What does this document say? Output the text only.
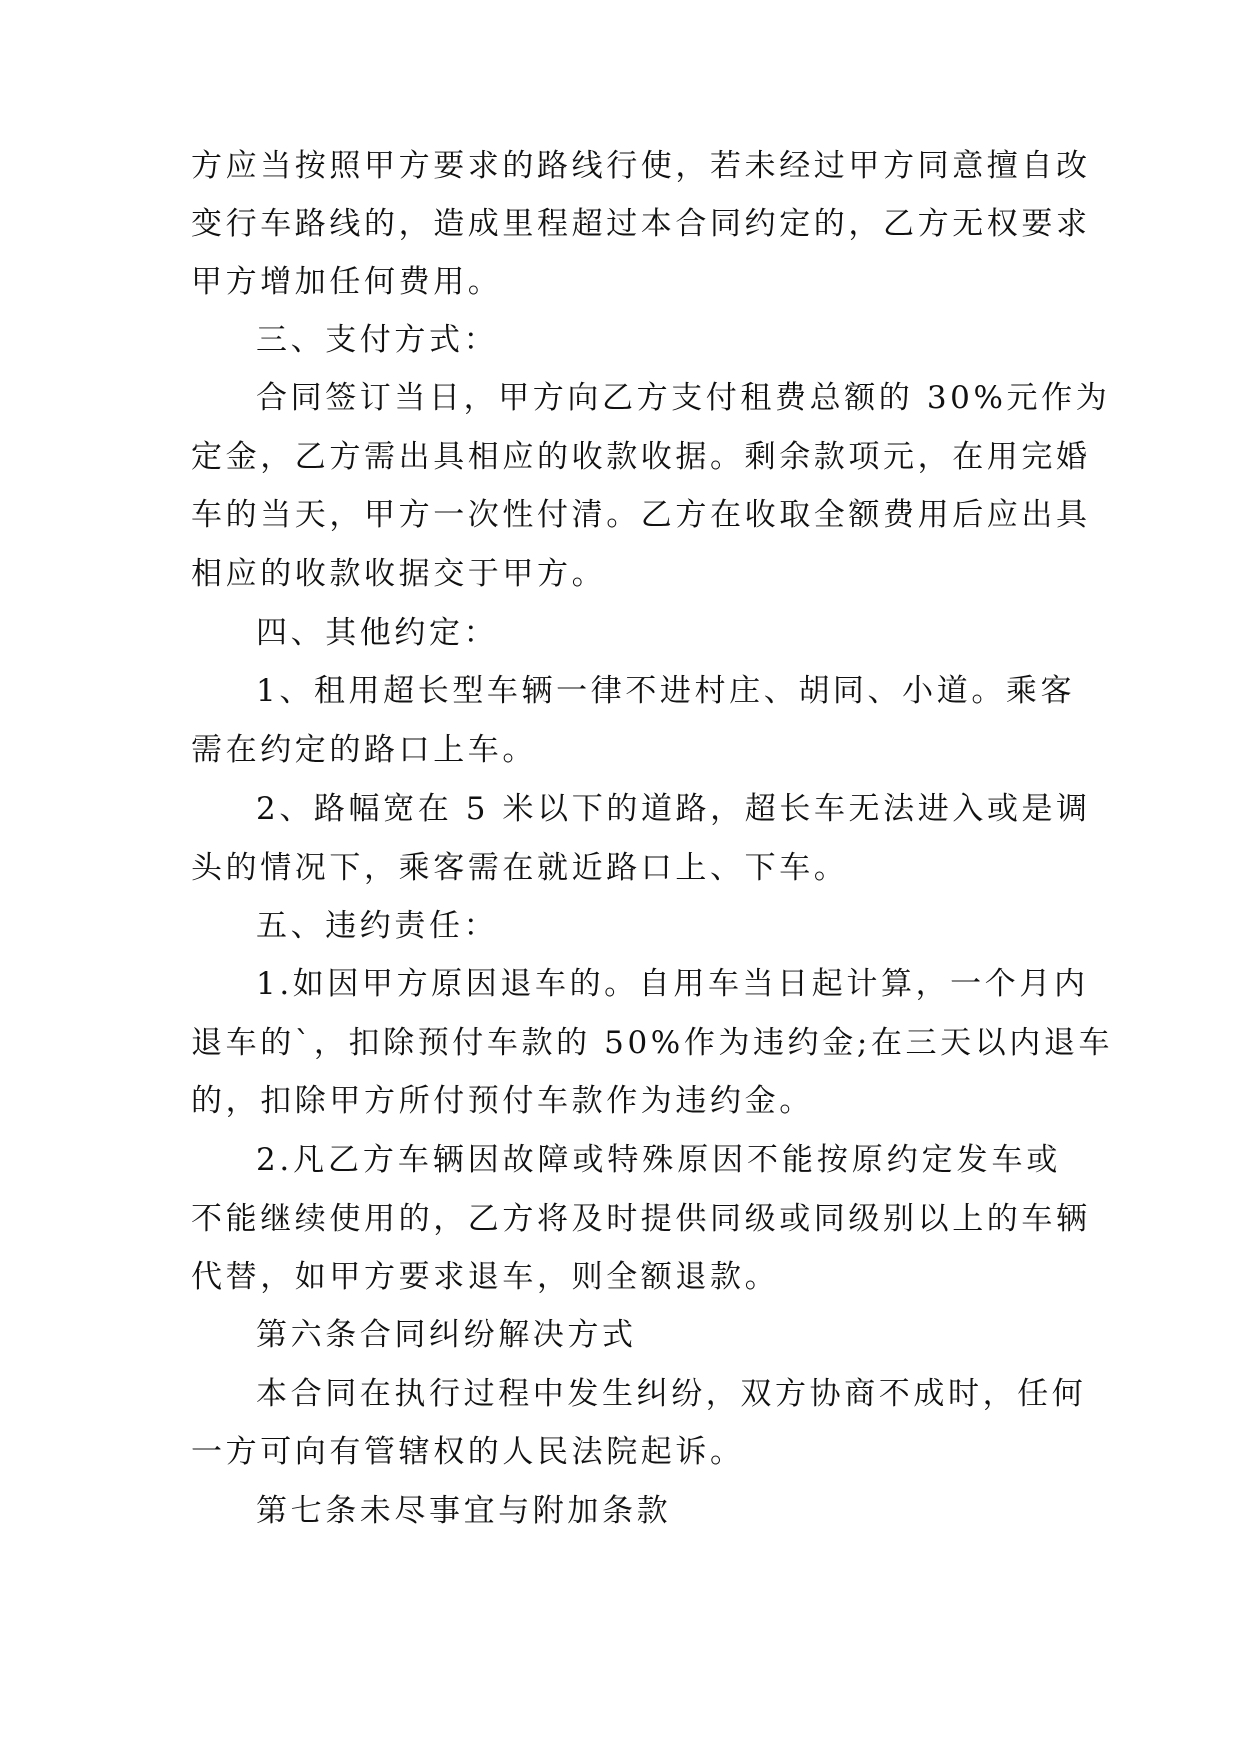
方应当按照甲方要求的路线行使，若未经过甲方同意擅自改
变行车路线的，造成里程超过本合同约定的，乙方无权要求
甲方增加任何费用。
三、支付方式：
合同签订当日，甲方向乙方支付租费总额的 30%元作为
定金，乙方需出具相应的收款收据。剩余款项元，在用完婚
车的当天，甲方一次性付清。乙方在收取全额费用后应出具
相应的收款收据交于甲方。
四、其他约定：
1、租用超长型车辆一律不进村庄、胡同、小道。乘客
需在约定的路口上车。
2、路幅宽在 5 米以下的道路，超长车无法进入或是调
头的情况下，乘客需在就近路口上、下车。
五、违约责任：
1.如因甲方原因退车的。自用车当日起计算，一个月内
退车的`，扣除预付车款的 50%作为违约金;在三天以内退车
的，扣除甲方所付预付车款作为违约金。
2.凡乙方车辆因故障或特殊原因不能按原约定发车或
不能继续使用的，乙方将及时提供同级或同级别以上的车辆
代替，如甲方要求退车，则全额退款。
第六条合同纠纷解决方式
本合同在执行过程中发生纠纷，双方协商不成时，任何
一方可向有管辖权的人民法院起诉。
第七条未尽事宜与附加条款
